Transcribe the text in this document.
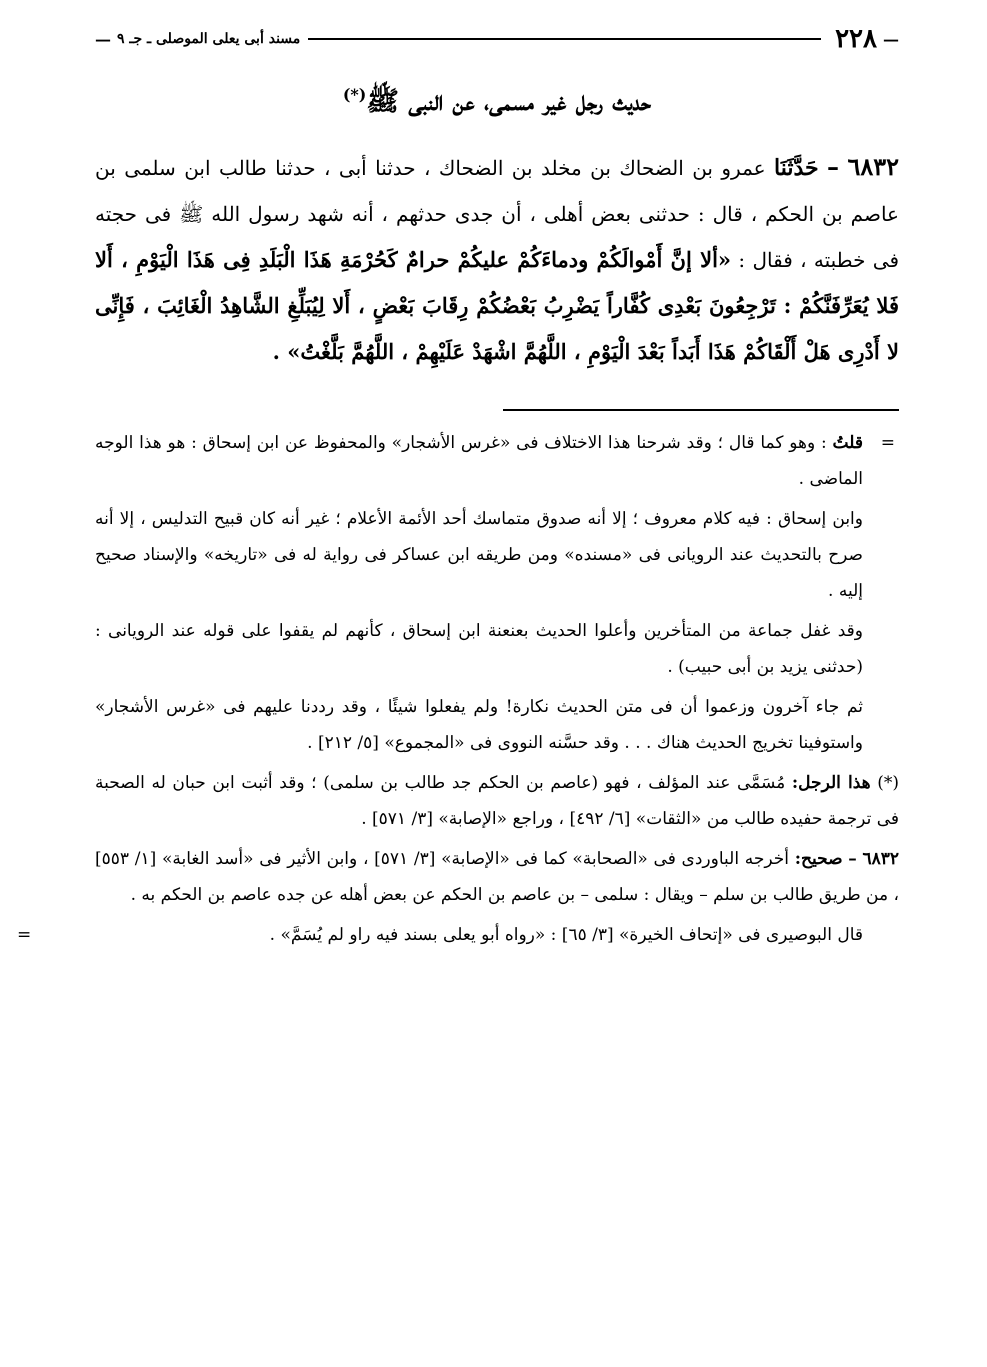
—
٢٢٨
مسند أبى يعلى الموصلى ـ جـ ٩
—
حديث رجل غير مسمى، عن النبى ﷺ(*)
٦٨٣٢ – حَدَّثَنَا عمرو بن الضحاك بن مخلد بن الضحاك ، حدثنا أبى ، حدثنا طالب ابن سلمى بن عاصم بن الحكم ، قال : حدثنى بعض أهلى ، أن جدى حدثهم ، أنه شهد رسول الله ﷺ فى حجته فى خطبته ، فقال : «ألا إنَّ أَمْوالَكُمْ ودماءَكُمْ عليكُمْ حرامٌ كَحُرْمَةِ هَذَا الْبَلَدِ فِى هَذَا الْيَوْمِ ، أَلا فَلا يُعَرِّفَنَّكُمْ : تَرْجِعُونَ بَعْدِى كُفَّاراً يَضْرِبُ بَعْضُكُمْ رِقَابَ بَعْضٍ ، أَلا لِيُبَلِّغِ الشَّاهِدُ الْغَائِبَ ، فَإِنِّى لا أَدْرِى هَلْ أَلْقَاكُمْ هَذَا أَبَداً بَعْدَ الْيَوْمِ ، اللَّهُمَّ اشْهَدْ عَلَيْهِمْ ، اللَّهُمَّ بَلَّغْتُ» .
=
قلتُ : وهو كما قال ؛ وقد شرحنا هذا الاختلاف فى «غرس الأشجار» والمحفوظ عن ابن إسحاق : هو هذا الوجه الماضى .
وابن إسحاق : فيه كلام معروف ؛ إلا أنه صدوق متماسك أحد الأئمة الأعلام ؛ غير أنه كان قبيح التدليس ، إلا أنه صرح بالتحديث عند الرويانى فى «مسنده» ومن طريقه ابن عساكر فى رواية له فى «تاريخه» والإسناد صحيح إليه .
وقد غفل جماعة من المتأخرين وأعلوا الحديث بعنعنة ابن إسحاق ، كأنهم لم يقفوا على قوله عند الرويانى : (حدثنى يزيد بن أبى حبيب) .
ثم جاء آخرون وزعموا أن فى متن الحديث نكارة! ولم يفعلوا شيئًا ، وقد رددنا عليهم فى «غرس الأشجار» واستوفينا تخريج الحديث هناك . . . وقد حسَّنه النووى فى «المجموع» [٥/ ٢١٢] .
(*) هذا الرجل: مُسَمَّى عند المؤلف ، فهو (عاصم بن الحكم جد طالب بن سلمى) ؛ وقد أثبت ابن حبان له الصحبة فى ترجمة حفيده طالب من «الثقات» [٦/ ٤٩٢] ، وراجع «الإصابة» [٣/ ٥٧١] .
٦٨٣٢ – صحيح: أخرجه الباوردى فى «الصحابة» كما فى «الإصابة» [٣/ ٥٧١] ، وابن الأثير فى «أسد الغابة» [١/ ٥٥٣] ، من طريق طالب بن سلم – ويقال : سلمى – بن عاصم بن الحكم عن بعض أهله عن جده عاصم بن الحكم به .
قال البوصيرى فى «إتحاف الخيرة» [٣/ ٦٥] : «رواه أبو يعلى بسند فيه راو لم يُسَمَّ» .
=
